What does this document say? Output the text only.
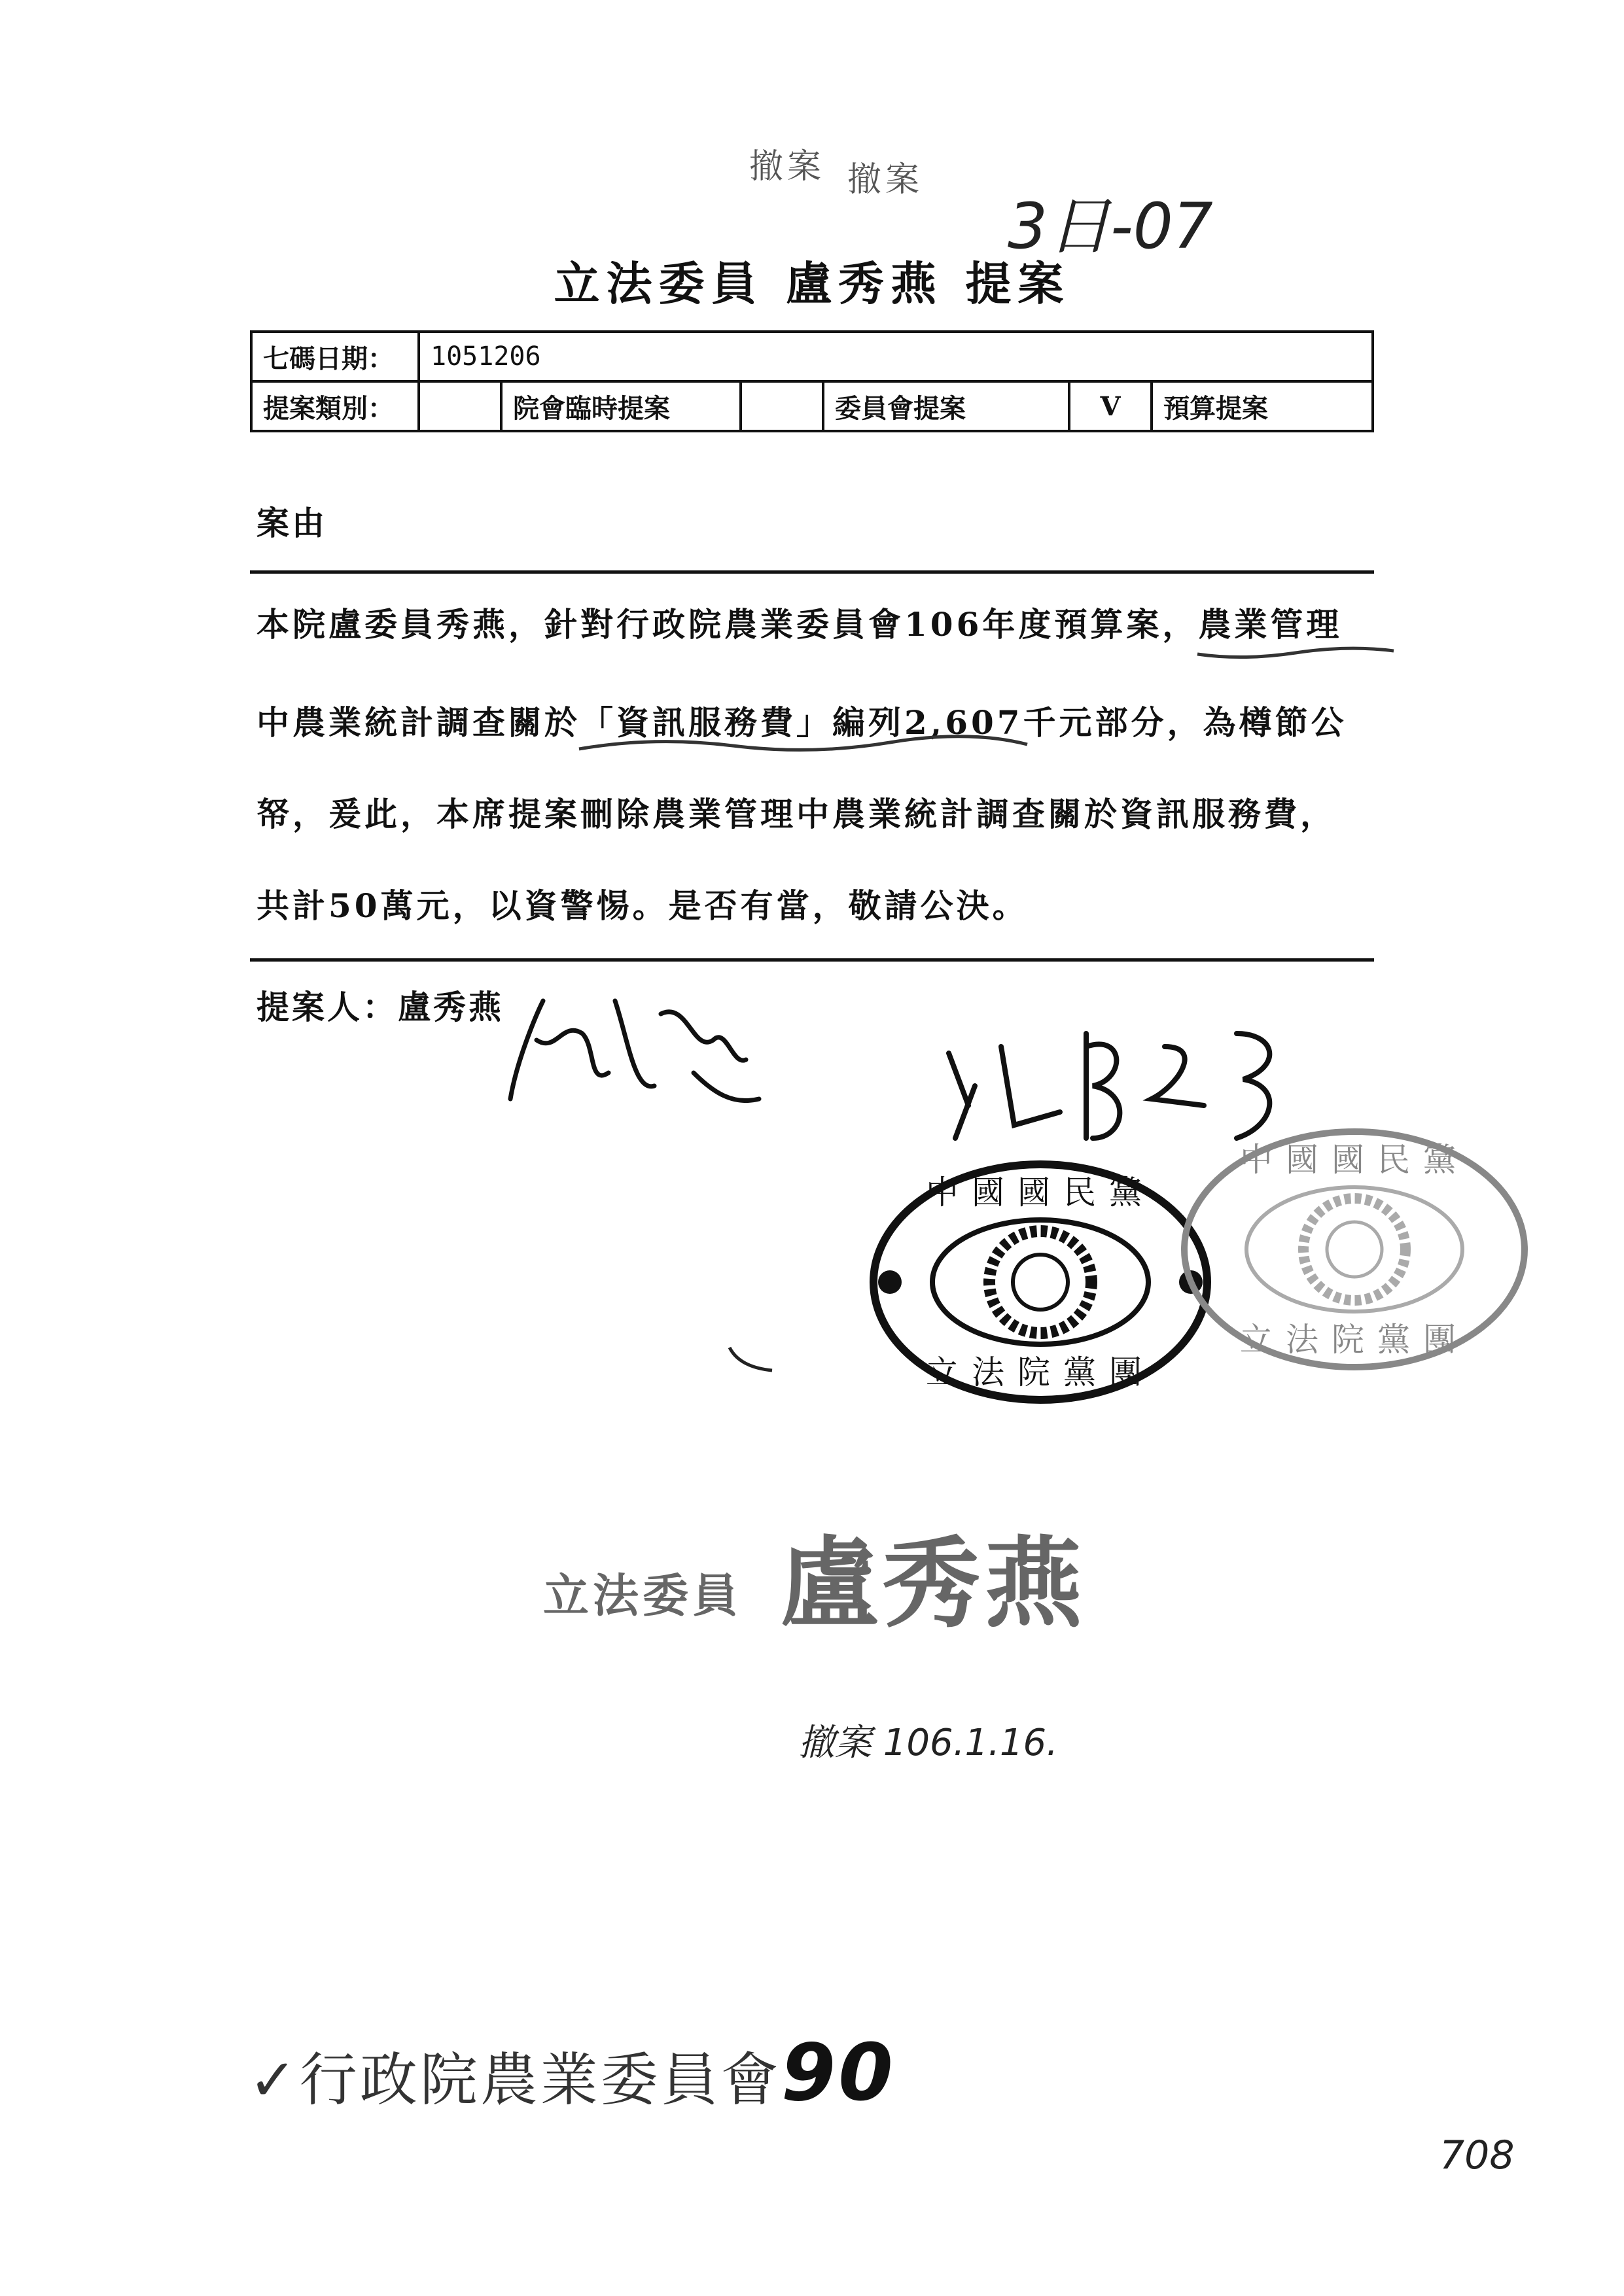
撤案 撤案
3日-07
立法委員 盧秀燕 提案
七碼日期：	1051206					
提案類別：		院會臨時提案		委員會提案	V	預算提案
案由
本院盧委員秀燕，針對行政院農業委員會106年度預算案，農業管理
中農業統計調查關於「資訊服務費」編列2,607千元部分，為樽節公
帑，爰此，本席提案刪除農業管理中農業統計調查關於資訊服務費，
共計50萬元，以資警惕。是否有當，敬請公決。
提案人：盧秀燕
中國國民黨
立法院黨團
中國國民黨
立法院黨團
立法委員 盧秀燕
撤案 106.1.16.
✓行政院農業委員會90
708
